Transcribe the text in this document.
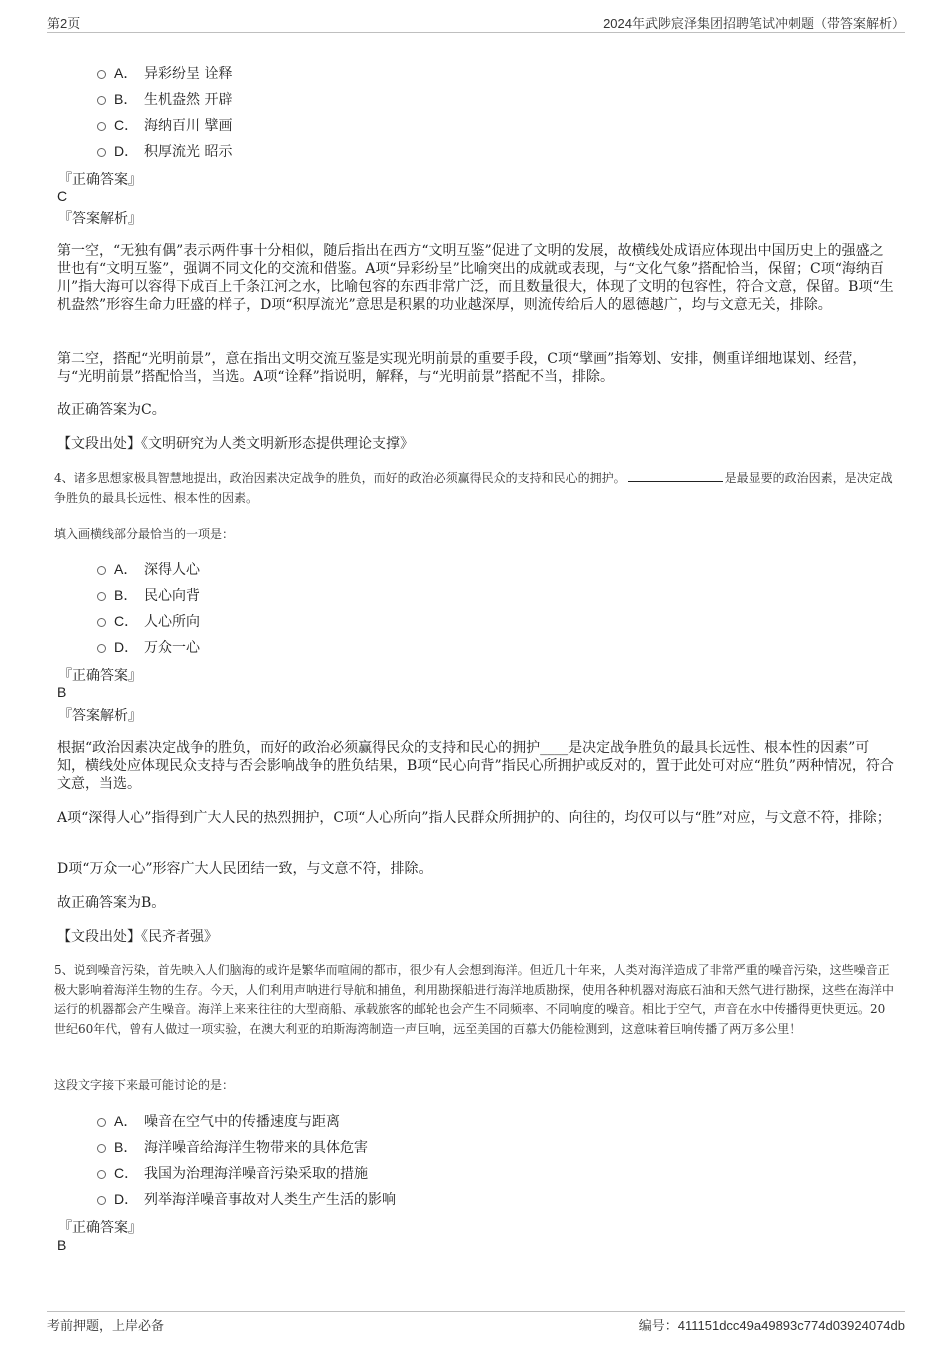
第2页	2024年武陟宸泽集团招聘笔试冲刺题（带答案解析）
A． 异彩纷呈 诠释
B． 生机盎然 开辟
C． 海纳百川 擘画
D． 积厚流光 昭示
『正确答案』
C
『答案解析』
第一空，“无独有偶”表示两件事十分相似，随后指出在西方“文明互鉴”促进了文明的发展，故横线处成语应体现出中国历史上的强盛之世也有“文明互鉴”，强调不同文化的交流和借鉴。A项“异彩纷呈”比喻突出的成就或表现，与“文化气象”搭配恰当，保留；C项“海纳百川”指大海可以容得下成百上千条江河之水，比喻包容的东西非常广泛，而且数量很大，体现了文明的包容性，符合文意，保留。B项“生机盎然”形容生命力旺盛的样子，D项“积厚流光”意思是积累的功业越深厚，则流传给后人的恩德越广，均与文意无关，排除。
第二空，搭配“光明前景”，意在指出文明交流互鉴是实现光明前景的重要手段，C项“擘画”指筹划、安排，侧重详细地谋划、经营，与“光明前景”搭配恰当，当选。A项“诠释”指说明，解释，与“光明前景”搭配不当，排除。
故正确答案为C。
【文段出处】《文明研究为人类文明新形态提供理论支撑》
4、诸多思想家极具智慧地提出，政治因素决定战争的胜负，而好的政治必须赢得民众的支持和民心的拥护。	是最显要的政治因素，是决定战争胜负的最具长远性、根本性的因素。
填入画横线部分最恰当的一项是：
A． 深得人心
B． 民心向背
C． 人心所向
D． 万众一心
『正确答案』
B
『答案解析』
根据“政治因素决定战争的胜负，而好的政治必须赢得民众的支持和民心的拥护____是决定战争胜负的最具长远性、根本性的因素”可知，横线处应体现民众支持与否会影响战争的胜负结果，B项“民心向背”指民心所拥护或反对的，置于此处可对应“胜负”两种情况，符合文意，当选。
A项“深得人心”指得到广大人民的热烈拥护，C项“人心所向”指人民群众所拥护的、向往的，均仅可以与“胜”对应，与文意不符，排除；
D项“万众一心”形容广大人民团结一致，与文意不符，排除。
故正确答案为B。
【文段出处】《民齐者强》
5、说到噪音污染，首先映入人们脑海的或许是繁华而喧闹的都市，很少有人会想到海洋。但近几十年来，人类对海洋造成了非常严重的噪音污染，这些噪音正极大影响着海洋生物的生存。今天，人们利用声呐进行导航和捕鱼，利用勘探船进行海洋地质勘探，使用各种机器对海底石油和天然气进行勘探，这些在海洋中运行的机器都会产生噪音。海洋上来来往往的大型商船、承载旅客的邮轮也会产生不同频率、不同响度的噪音。相比于空气，声音在水中传播得更快更远。20世纪60年代，曾有人做过一项实验，在澳大利亚的珀斯海湾制造一声巨响，远至美国的百慕大仍能检测到，这意味着巨响传播了两万多公里！
这段文字接下来最可能讨论的是：
A． 噪音在空气中的传播速度与距离
B． 海洋噪音给海洋生物带来的具体危害
C． 我国为治理海洋噪音污染采取的措施
D． 列举海洋噪音事故对人类生产生活的影响
『正确答案』
B
考前押题，上岸必备	编号：411151dcc49a49893c774d03924074db
